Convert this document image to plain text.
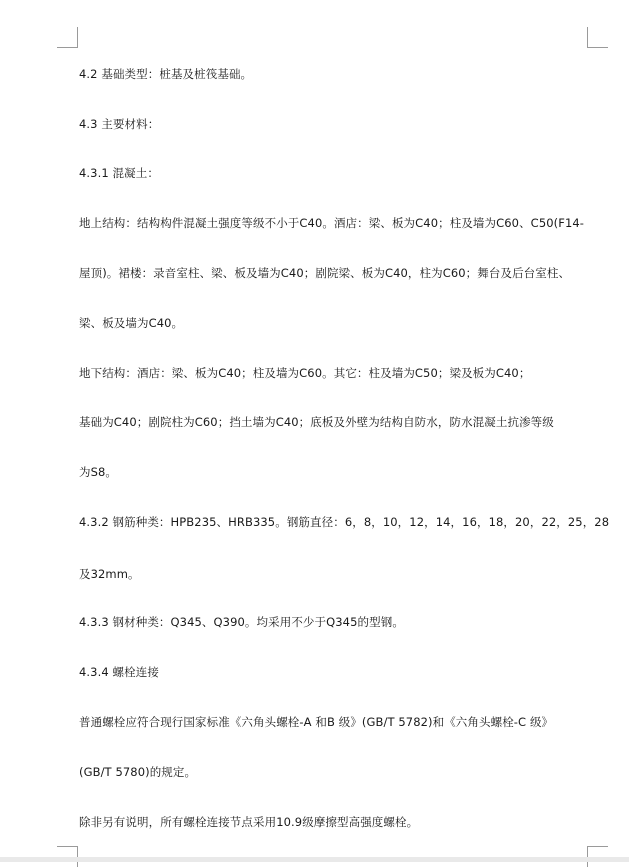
4.2 基础类型：桩基及桩筏基础。
4.3 主要材料：
4.3.1 混凝土：
地上结构：结构构件混凝土强度等级不小于C40。酒店：梁、板为C40；柱及墙为C60、C50(F14-
屋顶)。裙楼：录音室柱、梁、板及墙为C40；剧院梁、板为C40，柱为C60；舞台及后台室柱、
梁、板及墙为C40。
地下结构：酒店：梁、板为C40；柱及墙为C60。其它：柱及墙为C50；梁及板为C40；
基础为C40；剧院柱为C60；挡土墙为C40；底板及外壁为结构自防水，防水混凝土抗渗等级
为S8。
4.3.2 钢筋种类：HPB235、HRB335。钢筋直径：6，8，10，12，14，16，18，20，22，25，28
及32mm。
4.3.3 钢材种类：Q345、Q390。均采用不少于Q345的型钢。
4.3.4 螺栓连接
普通螺栓应符合现行国家标准《六角头螺栓-A 和B 级》(GB/T 5782)和《六角头螺栓-C 级》
(GB/T 5780)的规定。
除非另有说明，所有螺栓连接节点采用10.9级摩擦型高强度螺栓。
